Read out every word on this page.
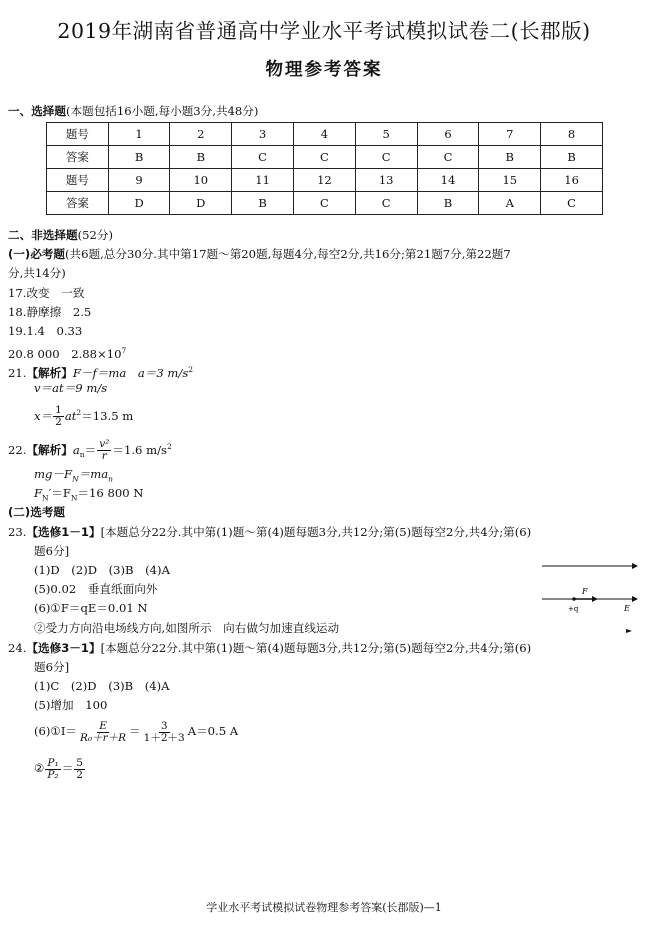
2019年湖南省普通高中学业水平考试模拟试卷二(长郡版)
物理参考答案
一、选择题(本题包括16小题,每小题3分,共48分)
题号	1	2	3	4	5	6	7	8
答案	B	B	C	C	C	C	B	B
题号	9	10	11	12	13	14	15	16
答案	D	D	B	C	C	B	A	C
二、非选择题(52分)
(一)必考题(共6题,总分30分.其中第17题～第20题,每题4分,每空2分,共16分;第21题7分,第22题7
分,共14分)
17.改变　一致
18.静摩擦　2.5
19.1.4　0.33
20.8 000　$2.88\times 10^7$
21.【解析】F－f＝ma　a＝3 $m/s^2$
v＝at＝9 m/s
$x= \frac{1}{2} at^2=13.5$ m
22.【解析】$a_n= \frac{\text{v²}}{r} =1.6$ $m/s^2$
$mg-F_N=ma_n$
$F_N'=F_N=16$ 800 N
(二)选考题
23.【选修1－1】[本题总分22分.其中第(1)题～第(4)题每题3分,共12分;第(5)题每空2分,共4分;第(6)
题6分]
(1)D　(2)D　(3)B　(4)A
(5)0.02　垂直纸面向外
(6)①F＝qE＝0.01 N
②受力方向沿电场线方向,如图所示　向右做匀加速直线运动
F
+q	E
24.【选修3－1】[本题总分22分.其中第(1)题～第(4)题每题3分,共12分;第(5)题每空2分,共4分;第(6)
题6分]
(1)C　(2)D　(3)B　(4)A
(5)增加　100
(6)①I＝ $\frac{E}{\text{R₀＋r＋R}} = \frac{3}{1+2+3} A=0.5$ A
② $\frac{\text{P₁}}{\text{P₂}} = \frac{5}{2}$
学业水平考试模拟试卷物理参考答案(长郡版)—1
